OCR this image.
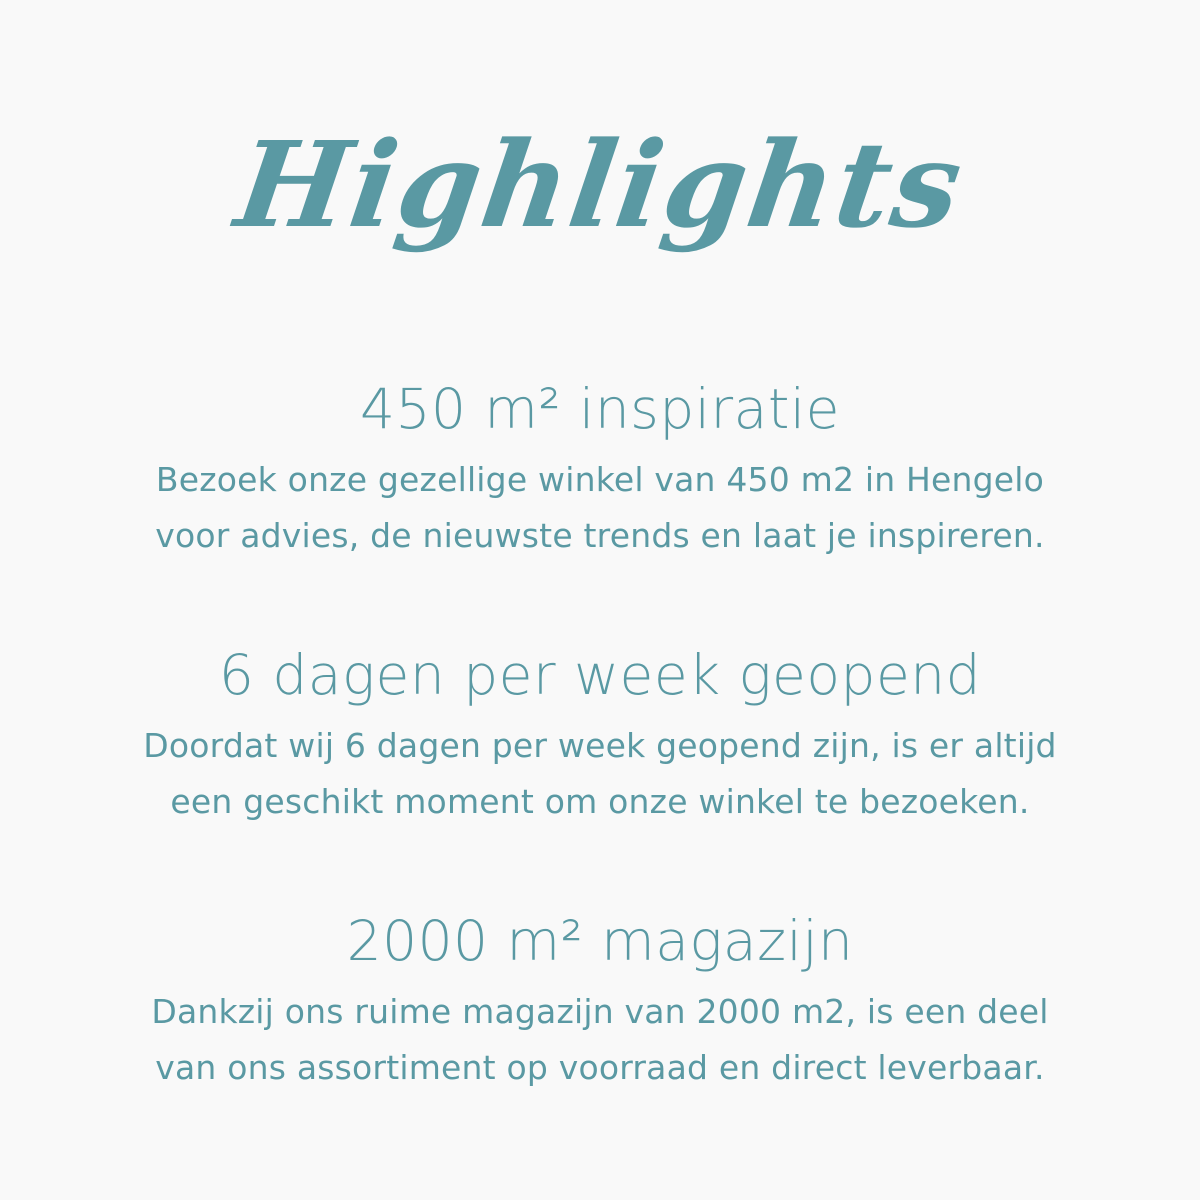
Highlights
450 m² inspiratie
Bezoek onze gezellige winkel van 450 m2 in Hengelo
voor advies, de nieuwste trends en laat je inspireren.
6 dagen per week geopend
Doordat wij 6 dagen per week geopend zijn, is er altijd
een geschikt moment om onze winkel te bezoeken.
2000 m² magazijn
Dankzij ons ruime magazijn van 2000 m2, is een deel
van ons assortiment op voorraad en direct leverbaar.
